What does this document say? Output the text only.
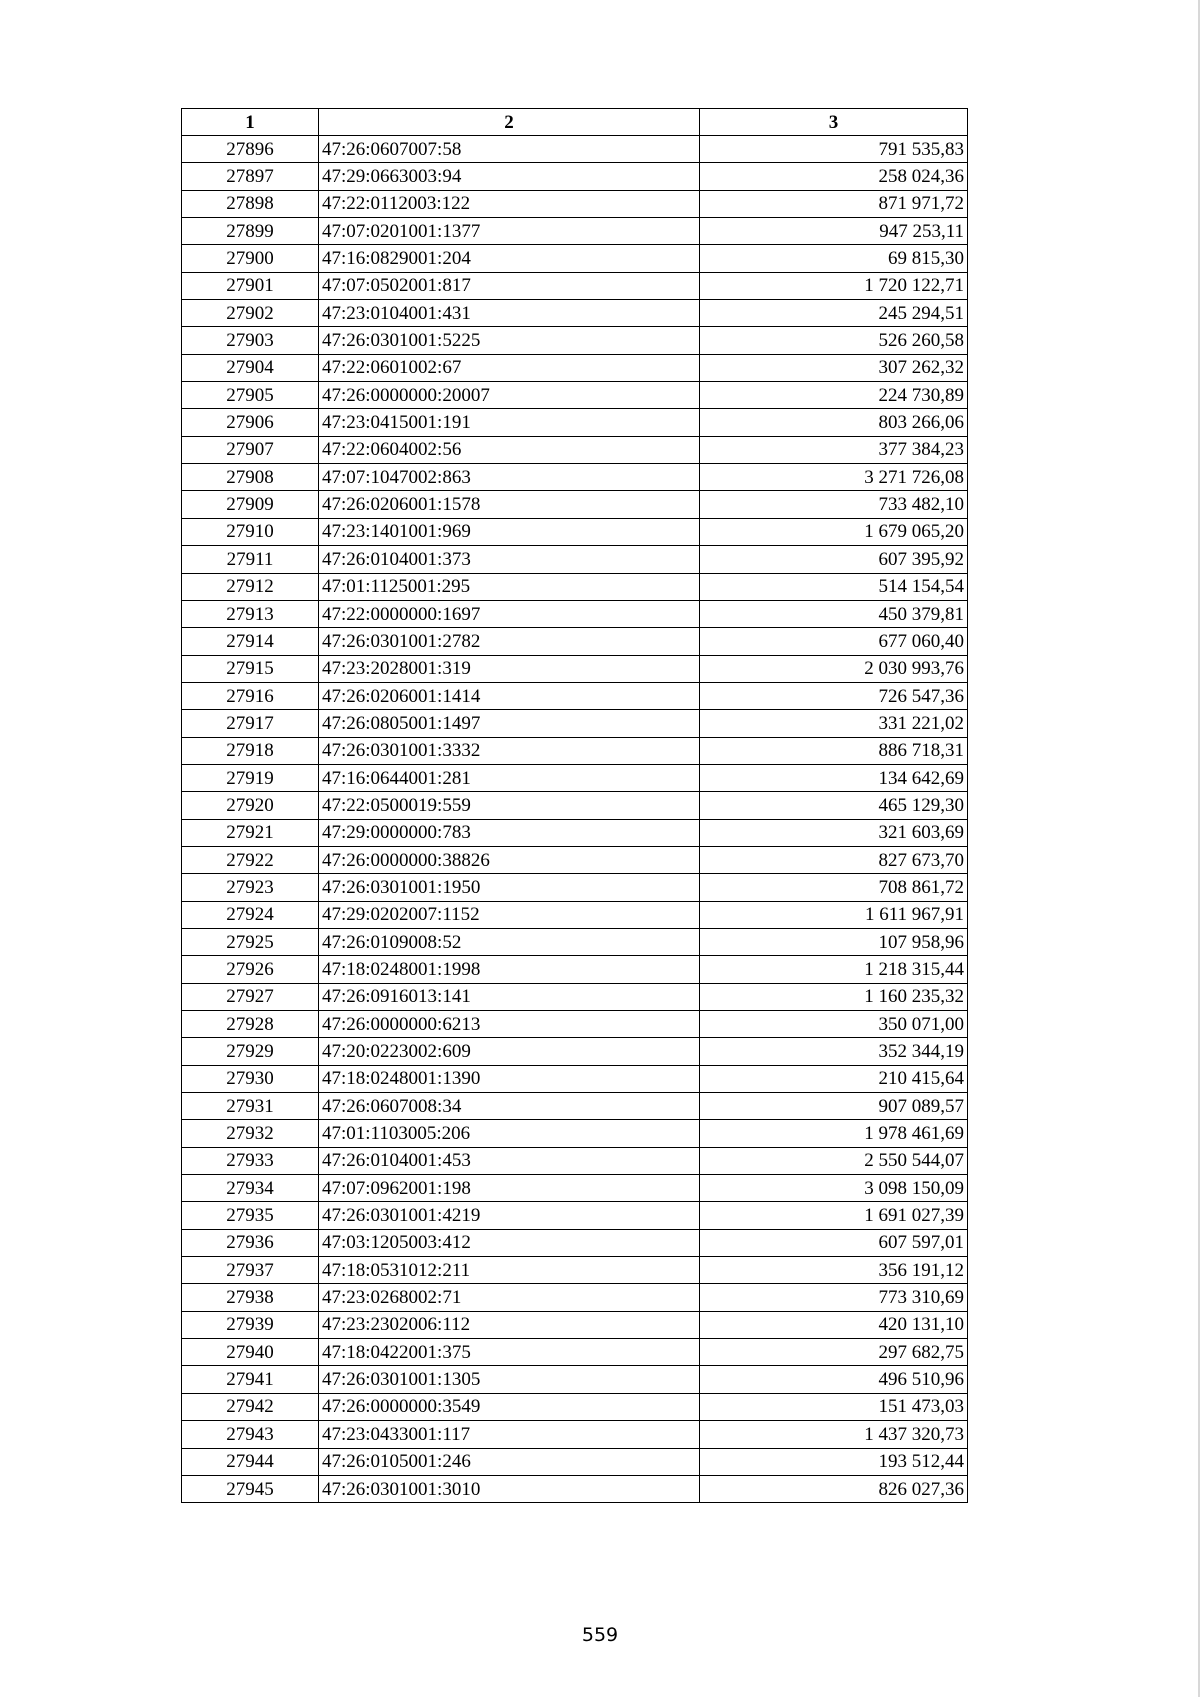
1	2	3
27896	47:26:0607007:58	791 535,83
27897	47:29:0663003:94	258 024,36
27898	47:22:0112003:122	871 971,72
27899	47:07:0201001:1377	947 253,11
27900	47:16:0829001:204	69 815,30
27901	47:07:0502001:817	1 720 122,71
27902	47:23:0104001:431	245 294,51
27903	47:26:0301001:5225	526 260,58
27904	47:22:0601002:67	307 262,32
27905	47:26:0000000:20007	224 730,89
27906	47:23:0415001:191	803 266,06
27907	47:22:0604002:56	377 384,23
27908	47:07:1047002:863	3 271 726,08
27909	47:26:0206001:1578	733 482,10
27910	47:23:1401001:969	1 679 065,20
27911	47:26:0104001:373	607 395,92
27912	47:01:1125001:295	514 154,54
27913	47:22:0000000:1697	450 379,81
27914	47:26:0301001:2782	677 060,40
27915	47:23:2028001:319	2 030 993,76
27916	47:26:0206001:1414	726 547,36
27917	47:26:0805001:1497	331 221,02
27918	47:26:0301001:3332	886 718,31
27919	47:16:0644001:281	134 642,69
27920	47:22:0500019:559	465 129,30
27921	47:29:0000000:783	321 603,69
27922	47:26:0000000:38826	827 673,70
27923	47:26:0301001:1950	708 861,72
27924	47:29:0202007:1152	1 611 967,91
27925	47:26:0109008:52	107 958,96
27926	47:18:0248001:1998	1 218 315,44
27927	47:26:0916013:141	1 160 235,32
27928	47:26:0000000:6213	350 071,00
27929	47:20:0223002:609	352 344,19
27930	47:18:0248001:1390	210 415,64
27931	47:26:0607008:34	907 089,57
27932	47:01:1103005:206	1 978 461,69
27933	47:26:0104001:453	2 550 544,07
27934	47:07:0962001:198	3 098 150,09
27935	47:26:0301001:4219	1 691 027,39
27936	47:03:1205003:412	607 597,01
27937	47:18:0531012:211	356 191,12
27938	47:23:0268002:71	773 310,69
27939	47:23:2302006:112	420 131,10
27940	47:18:0422001:375	297 682,75
27941	47:26:0301001:1305	496 510,96
27942	47:26:0000000:3549	151 473,03
27943	47:23:0433001:117	1 437 320,73
27944	47:26:0105001:246	193 512,44
27945	47:26:0301001:3010	826 027,36
559
